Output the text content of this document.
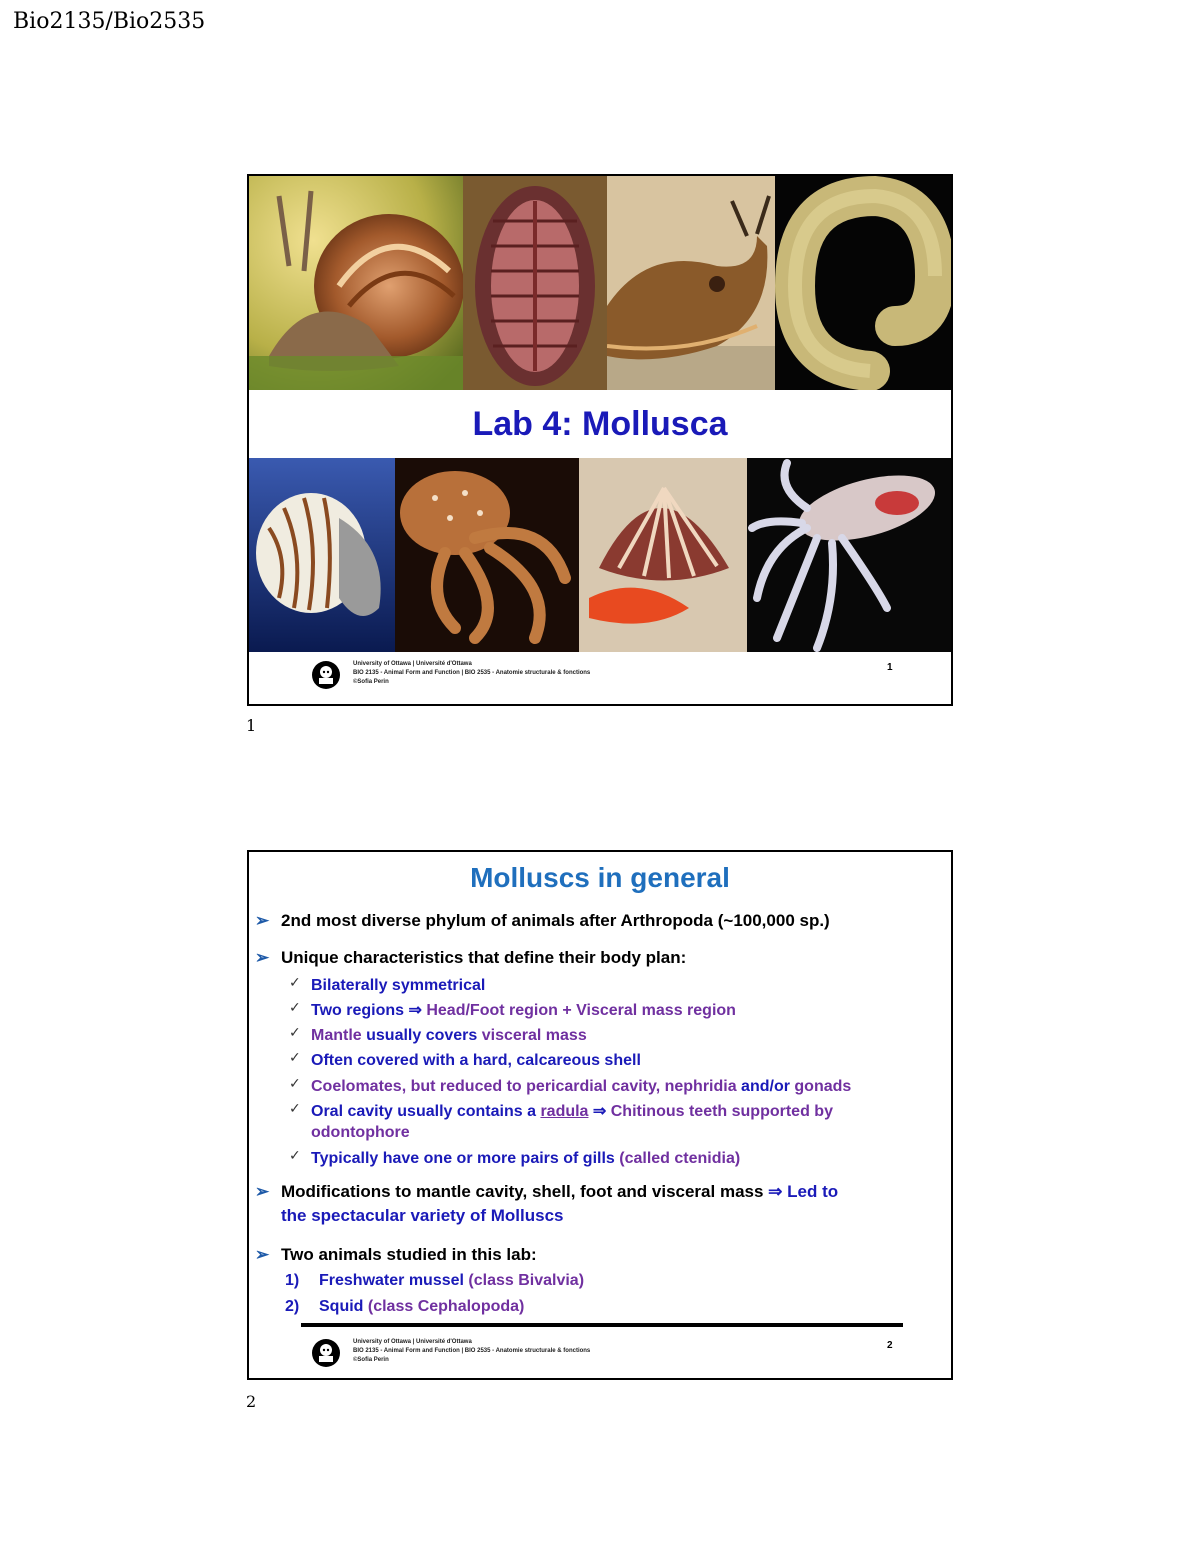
Bio2135/Bio2535
Lab 4: Mollusca
University of Ottawa | Université d'Ottawa
BIO 2135 - Animal Form and Function | BIO 2535 - Anatomie structurale & fonctions
©Sofia Perin
1
1
Molluscs in general
➢ 2nd most diverse phylum of animals after Arthropoda (~100,000 sp.)
➢ Unique characteristics that define their body plan:
✓ Bilaterally symmetrical
✓ Two regions ⇒ Head/Foot region + Visceral mass region
✓ Mantle usually covers visceral mass
✓ Often covered with a hard, calcareous shell
✓ Coelomates, but reduced to pericardial cavity, nephridia and/or gonads
✓ Oral cavity usually contains a radula ⇒ Chitinous teeth supported by
odontophore
✓ Typically have one or more pairs of gills (called ctenidia)
➢ Modifications to mantle cavity, shell, foot and visceral mass ⇒ Led to
the spectacular variety of Molluscs
➢ Two animals studied in this lab:
1) Freshwater mussel (class Bivalvia)
2) Squid (class Cephalopoda)
University of Ottawa | Université d'Ottawa
BIO 2135 - Animal Form and Function | BIO 2535 - Anatomie structurale & fonctions
©Sofia Perin
2
2
